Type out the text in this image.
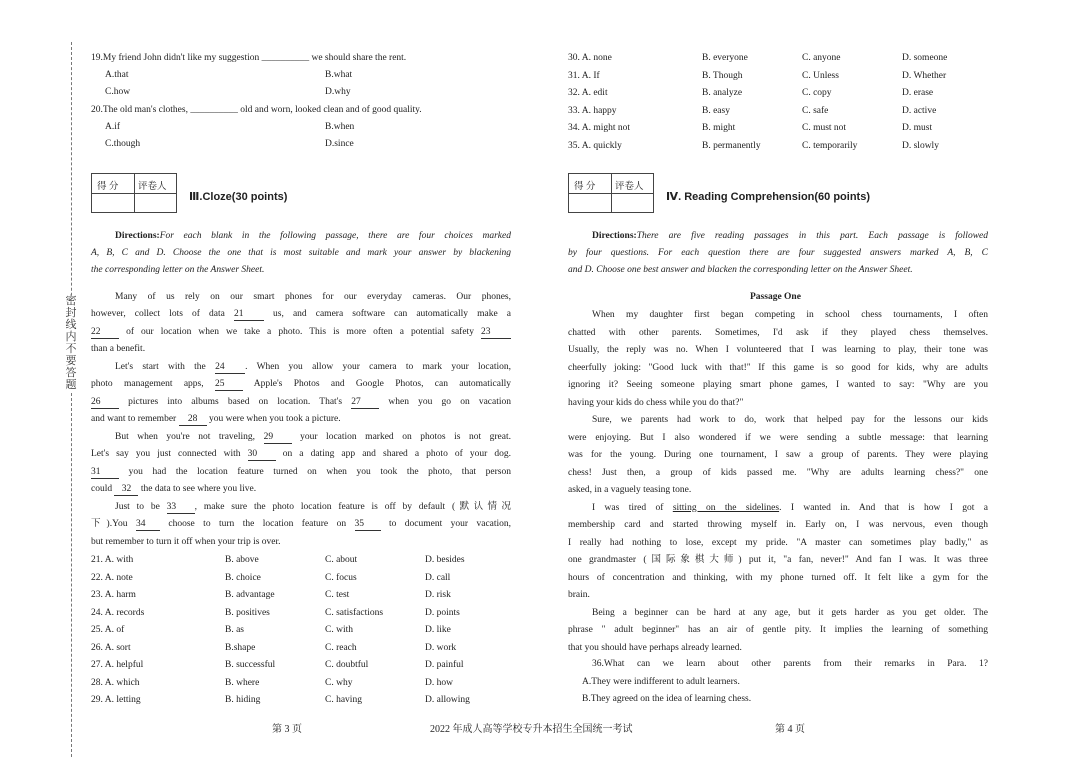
密 封 线 内 不 要 答 题
19.My friend John didn't like my suggestion __________ we should share the rent.
A.that	B.what
C.how	D.why
20.The old man's clothes, __________ old and worn, looked clean and of good quality.
A.if	B.when
C.though	D.since
得 分 评卷人
Ⅲ.Cloze(30 points)
Directions:For each blank in the following passage, there are four choices marked
A, B, C and D. Choose the one that is most suitable and mark your answer by blackening
the corresponding letter on the Answer Sheet.
Many of us rely on our smart phones for our everyday cameras. Our phones,
however, collect lots of data 21	us, and camera software can automatically make a
22	of our location when we take a photo. This is more often a potential safety 23
than a benefit.
Let's start with the 24 . When you allow your camera to mark your location,
photo management apps, 25	Apple's Photos and Google Photos, can automatically
26	pictures into albums based on location. That's 27	when you go on vacation
and want to remember 28 you were when you took a picture.
But when you're not traveling, 29	your location marked on photos is not great.
Let's say you just connected with 30	on a dating app and shared a photo of your dog.
31	you had the location feature turned on when you took the photo, that person
could 32 the data to see where you live.
Just to be 33 , make sure the photo location feature is off by default (默认情况
下).You 34 choose to turn the location feature on 35	to document your vacation,
but remember to turn it off when your trip is over.
21. A. with	B. above	C. about	D. besides
22. A. note	B. choice	C. focus	D. call
23. A. harm	B. advantage	C. test	D. risk
24. A. records	B. positives	C. satisfactions	D. points
25. A. of	B. as	C. with	D. like
26. A. sort	B.shape	C. reach	D. work
27. A. helpful	B. successful	C. doubtful	D. painful
28. A. which	B. where	C. why	D. how
29. A. letting	B. hiding	C. having	D. allowing
30. A. none	B. everyone	C. anyone	D. someone
31. A. If	B. Though	C. Unless	D. Whether
32. A. edit	B. analyze	C. copy	D. erase
33. A. happy	B. easy	C. safe	D. active
34. A. might not	B. might	C. must not	D. must
35. A. quickly	B. permanently	C. temporarily	D. slowly
得 分 评卷人
Ⅳ. Reading Comprehension(60 points)
Directions:There are five reading passages in this part. Each passage is followed
by four questions. For each question there are four suggested answers marked A, B, C
and D. Choose one best answer and blacken the corresponding letter on the Answer Sheet.
Passage One
When my daughter first began competing in school chess tournaments, I often
chatted with other parents. Sometimes, I'd ask if they played chess themselves.
Usually, the reply was no. When I volunteered that I was learning to play, their tone was
cheerfully joking: "Good luck with that!" If this game is so good for kids, why are adults
ignoring it? Seeing someone playing smart phone games, I wanted to say: "Why are you
having your kids do chess while you do that?"
Sure, we parents had work to do, work that helped pay for the lessons our kids
were enjoying. But I also wondered if we were sending a subtle message: that learning
was for the young. During one tournament, I saw a group of parents. They were playing
chess! Just then, a group of kids passed me. "Why are adults learning chess?" one
asked, in a vaguely teasing tone.
I was tired of sitting on the sidelines. I wanted in. And that is how I got a
membership card and started throwing myself in. Early on, I was nervous, even though
I really had nothing to lose, except my pride. "A master can sometimes play badly," as
one grandmaster (国际象棋大师) put it, "a fan, never!" And fan I was. It was three
hours of concentration and thinking, with my phone turned off. It felt like a gym for the
brain.
Being a beginner can be hard at any age, but it gets harder as you get older. The
phrase " adult beginner" has an air of gentle pity. It implies the learning of something
that you should have perhaps already learned.
36.What can we learn about other parents from their remarks in Para. 1?
A.They were indifferent to adult learners.
B.They agreed on the idea of learning chess.
第 3 页	2022 年成人高等学校专升本招生全国统一考试	第 4 页
